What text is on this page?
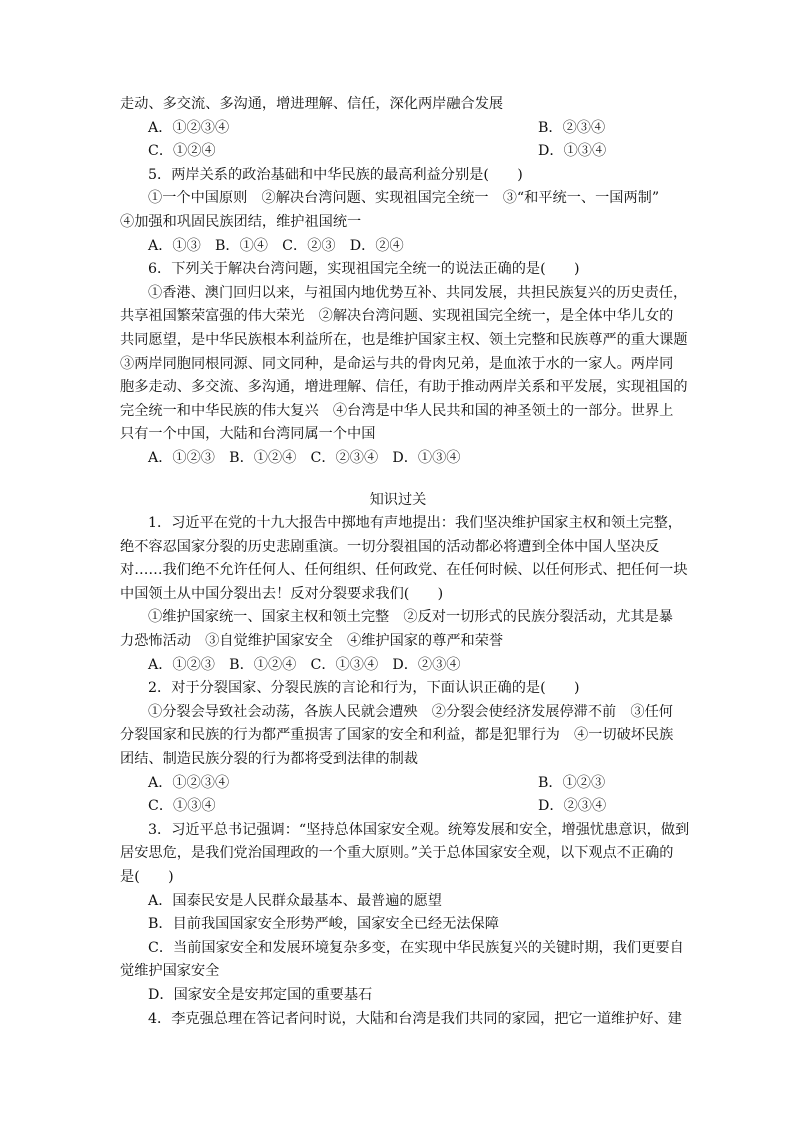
走动、多交流、多沟通，增进理解、信任，深化两岸融合发展
A．①②③④	B．②③④
C．①②④	D．①③④
5．两岸关系的政治基础和中华民族的最高利益分别是(　　)
①一个中国原则　②解决台湾问题、实现祖国完全统一　③“和平统一、一国两制”
④加强和巩固民族团结，维护祖国统一
A．①③　B．①④　C．②③　D．②④
6．下列关于解决台湾问题，实现祖国完全统一的说法正确的是(　　)
①香港、澳门回归以来，与祖国内地优势互补、共同发展，共担民族复兴的历史责任，
共享祖国繁荣富强的伟大荣光　②解决台湾问题、实现祖国完全统一，是全体中华儿女的
共同愿望，是中华民族根本利益所在，也是维护国家主权、领土完整和民族尊严的重大课题
③两岸同胞同根同源、同文同种，是命运与共的骨肉兄弟，是血浓于水的一家人。两岸同
胞多走动、多交流、多沟通，增进理解、信任，有助于推动两岸关系和平发展，实现祖国的
完全统一和中华民族的伟大复兴　④台湾是中华人民共和国的神圣领土的一部分。世界上
只有一个中国，大陆和台湾同属一个中国
A．①②③　B．①②④　C．②③④　D．①③④
知识过关
1．习近平在党的十九大报告中掷地有声地提出：我们坚决维护国家主权和领土完整，
绝不容忍国家分裂的历史悲剧重演。一切分裂祖国的活动都必将遭到全体中国人坚决反
对……我们绝不允许任何人、任何组织、任何政党、在任何时候、以任何形式、把任何一块
中国领土从中国分裂出去！反对分裂要求我们(　　)
①维护国家统一、国家主权和领土完整　②反对一切形式的民族分裂活动，尤其是暴
力恐怖活动　③自觉维护国家安全　④维护国家的尊严和荣誉
A．①②③　B．①②④　C．①③④　D．②③④
2．对于分裂国家、分裂民族的言论和行为，下面认识正确的是(　　)
①分裂会导致社会动荡，各族人民就会遭殃　②分裂会使经济发展停滞不前　③任何
分裂国家和民族的行为都严重损害了国家的安全和利益，都是犯罪行为　④一切破坏民族
团结、制造民族分裂的行为都将受到法律的制裁
A．①②③④	B．①②③
C．①③④	D．②③④
3．习近平总书记强调：“坚持总体国家安全观。统筹发展和安全，增强忧患意识，做到
居安思危，是我们党治国理政的一个重大原则。”关于总体国家安全观，以下观点不正确的
是(　　)
A．国泰民安是人民群众最基本、最普遍的愿望
B．目前我国国家安全形势严峻，国家安全已经无法保障
C．当前国家安全和发展环境复杂多变，在实现中华民族复兴的关键时期，我们更要自
觉维护国家安全
D．国家安全是安邦定国的重要基石
4．李克强总理在答记者问时说，大陆和台湾是我们共同的家园，把它一道维护好、建
